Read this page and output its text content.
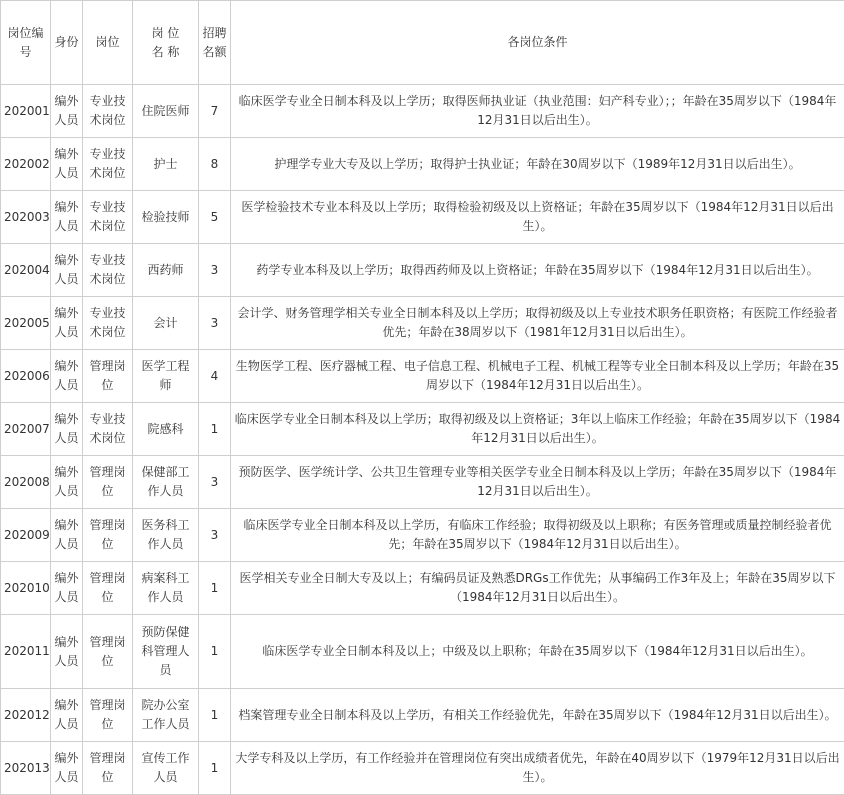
岗位编号	身份	岗位	岗 位 名 称	招聘名额	各岗位条件
202001	编外人员	专业技术岗位	住院医师	7	临床医学专业全日制本科及以上学历；取得医师执业证（执业范围：妇产科专业）；；年龄在35周岁以下（1984年12月31日以后出生）。
202002	编外人员	专业技术岗位	护士	8	护理学专业大专及以上学历；取得护士执业证；年龄在30周岁以下（1989年12月31日以后出生）。
202003	编外人员	专业技术岗位	检验技师	5	医学检验技术专业本科及以上学历；取得检验初级及以上资格证；年龄在35周岁以下（1984年12月31日以后出生）。
202004	编外人员	专业技术岗位	西药师	3	药学专业本科及以上学历；取得西药师及以上资格证；年龄在35周岁以下（1984年12月31日以后出生）。
202005	编外人员	专业技术岗位	会计	3	会计学、财务管理学相关专业全日制本科及以上学历；取得初级及以上专业技术职务任职资格；有医院工作经验者优先；年龄在38周岁以下（1981年12月31日以后出生）。
202006	编外人员	管理岗位	医学工程师	4	生物医学工程、医疗器械工程、电子信息工程、机械电子工程、机械工程等专业全日制本科及以上学历；年龄在35周岁以下（1984年12月31日以后出生）。
202007	编外人员	专业技术岗位	院感科	1	临床医学专业全日制本科及以上学历；取得初级及以上资格证；3年以上临床工作经验；年龄在35周岁以下（1984年12月31日以后出生）。
202008	编外人员	管理岗位	保健部工作人员	3	预防医学、医学统计学、公共卫生管理专业等相关医学专业全日制本科及以上学历；年龄在35周岁以下（1984年12月31日以后出生）。
202009	编外人员	管理岗位	医务科工作人员	3	临床医学专业全日制本科及以上学历，有临床工作经验；取得初级及以上职称；有医务管理或质量控制经验者优先；年龄在35周岁以下（1984年12月31日以后出生）。
202010	编外人员	管理岗位	病案科工作人员	1	医学相关专业全日制大专及以上；有编码员证及熟悉DRGs工作优先；从事编码工作3年及上；年龄在35周岁以下（1984年12月31日以后出生）。
202011	编外人员	管理岗位	预防保健科管理人员	1	临床医学专业全日制本科及以上；中级及以上职称；年龄在35周岁以下（1984年12月31日以后出生）。
202012	编外人员	管理岗位	院办公室工作人员	1	档案管理专业全日制本科及以上学历，有相关工作经验优先，年龄在35周岁以下（1984年12月31日以后出生）。
202013	编外人员	管理岗位	宣传工作人员	1	大学专科及以上学历，有工作经验并在管理岗位有突出成绩者优先，年龄在40周岁以下（1979年12月31日以后出生）。
